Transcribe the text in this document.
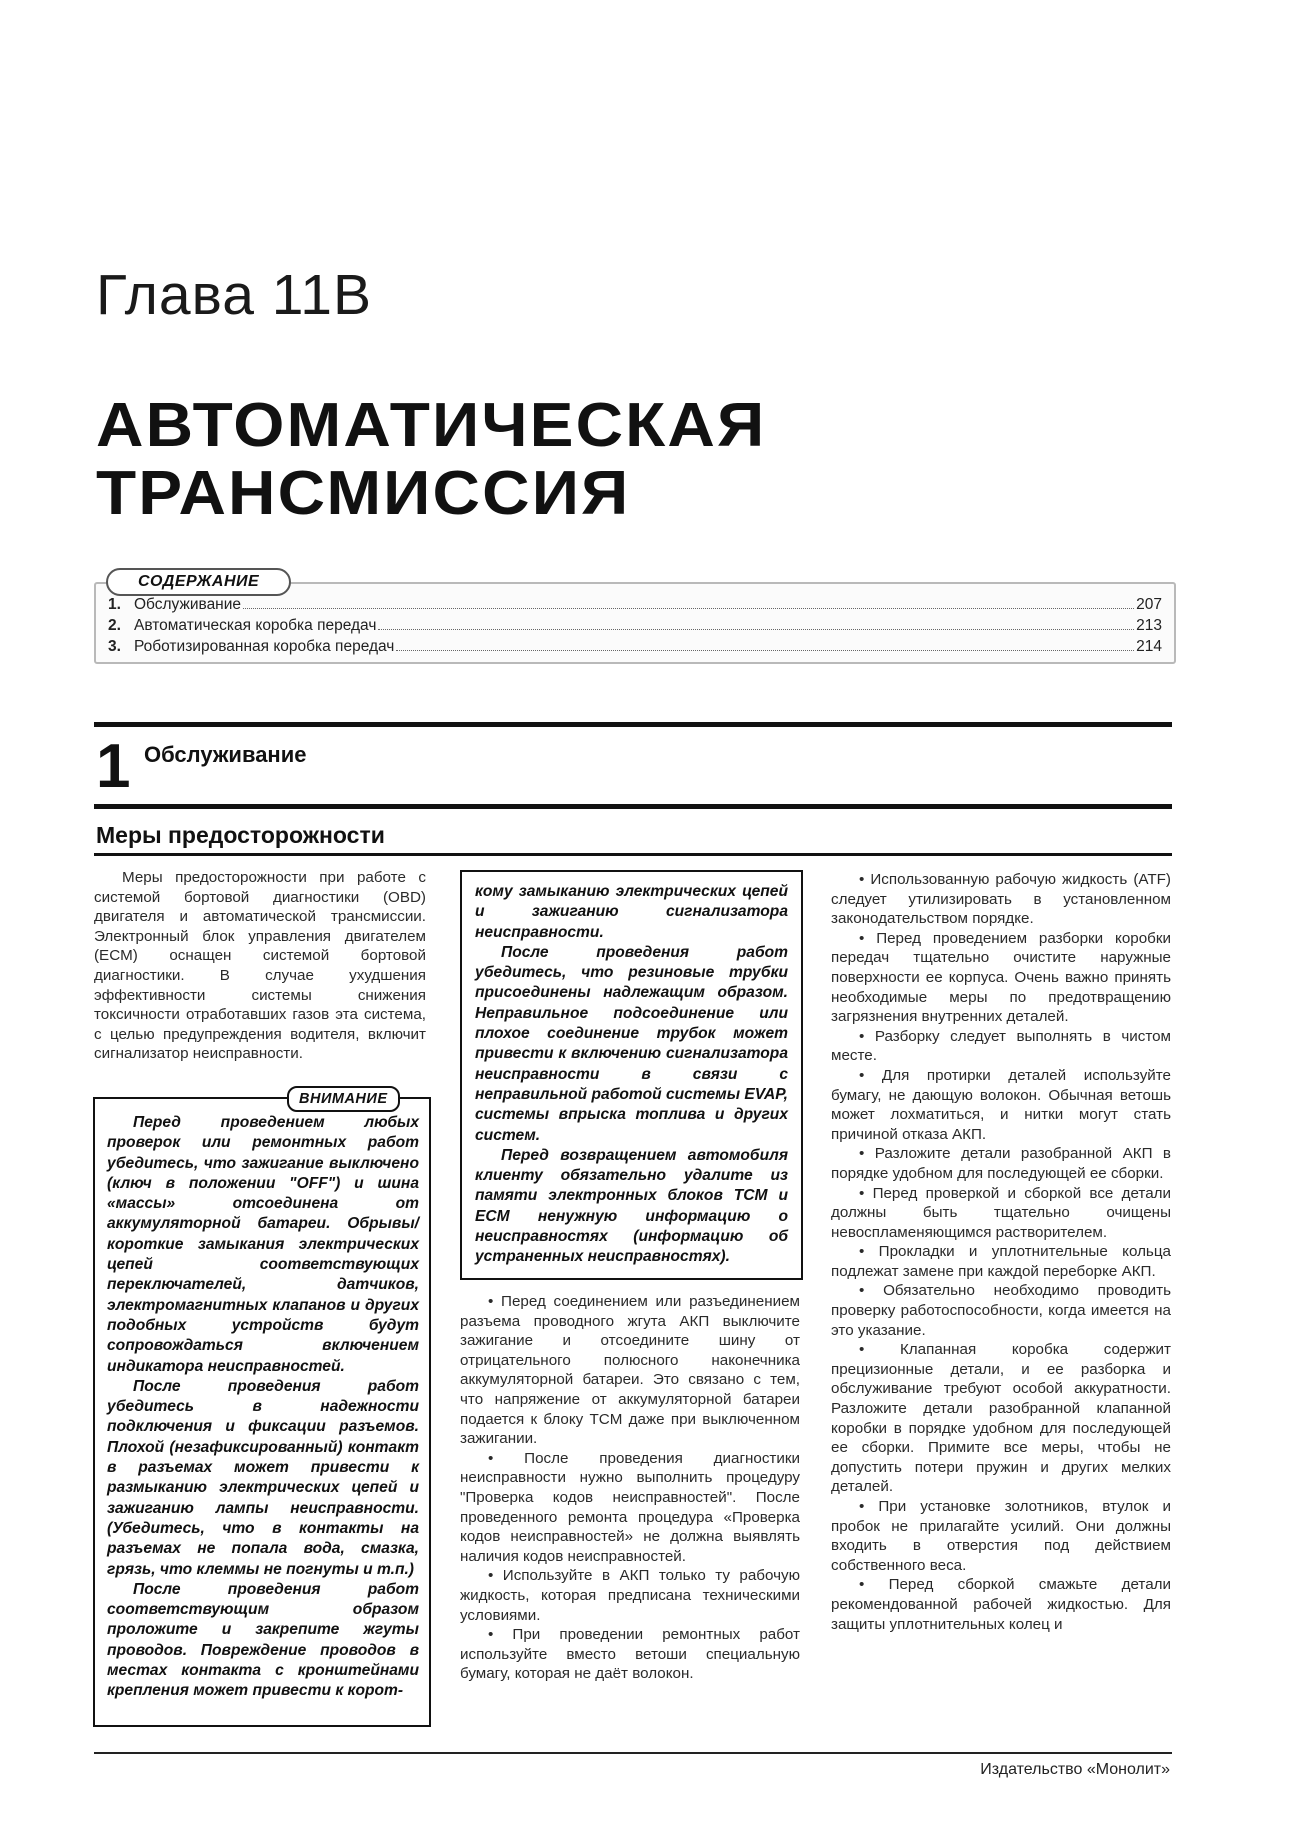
Глава 11В
АВТОМАТИЧЕСКАЯ
ТРАНСМИССИЯ
СОДЕРЖАНИЕ
1. Обслуживание	207
2. Автоматическая коробка передач	213
3. Роботизированная коробка передач	214
1 Обслуживание
Меры предосторожности

Меры предосторожности при работе с системой бортовой диагностики (OBD) двигателя и автоматической трансмиссии. Электронный блок управления двигателем (ECM) оснащен системой бортовой диагностики. В случае ухудшения эффективности системы снижения токсичности отработавших газов эта система, с целью предупреждения водителя, включит сигнализатор неисправности.

ВНИМАНИЕ

Перед проведением любых проверок или ремонтных работ убедитесь, что зажигание выключено (ключ в положении "OFF") и шина «массы» отсоединена от аккумуляторной батареи. Обрывы/короткие замыкания электрических цепей соответствующих переключателей, датчиков, электромагнитных клапанов и других подобных устройств будут сопровождаться включением индикатора неисправностей.

После проведения работ убедитесь в надежности подключения и фиксации разъемов. Плохой (незафиксированный) контакт в разъемах может привести к размыканию электрических цепей и зажиганию лампы неисправности. (Убедитесь, что в контакты на разъемах не попала вода, смазка, грязь, что клеммы не погнуты и т.п.)

После проведения работ соответствующим образом проложите и закрепите жгуты проводов. Повреждение проводов в местах контакта с кронштейнами крепления может привести к корот-

кому замыканию электрических цепей и зажиганию сигнализатора неисправности.

После проведения работ убедитесь, что резиновые трубки присоединены надлежащим образом. Неправильное подсоединение или плохое соединение трубок может привести к включению сигнализатора неисправности в связи с неправильной работой системы EVAP, системы впрыска топлива и других систем.

Перед возвращением автомобиля клиенту обязательно удалите из памяти электронных блоков TCM и ECM ненужную информацию о неисправностях (информацию об устраненных неисправностях).

• Перед соединением или разъединением разъема проводного жгута АКП выключите зажигание и отсоедините шину от отрицательного полюсного наконечника аккумуляторной батареи. Это связано с тем, что напряжение от аккумуляторной батареи подается к блоку TCM даже при выключенном зажигании.

• После проведения диагностики неисправности нужно выполнить процедуру "Проверка кодов неисправностей". После проведенного ремонта процедура «Проверка кодов неисправностей» не должна выявлять наличия кодов неисправностей.

• Используйте в АКП только ту рабочую жидкость, которая предписана техническими условиями.

• При проведении ремонтных работ используйте вместо ветоши специальную бумагу, которая не даёт волокон.

• Использованную рабочую жидкость (ATF) следует утилизировать в установленном законодательством порядке.

• Перед проведением разборки коробки передач тщательно очистите наружные поверхности ее корпуса. Очень важно принять необходимые меры по предотвращению загрязнения внутренних деталей.

• Разборку следует выполнять в чистом месте.

• Для протирки деталей используйте бумагу, не дающую волокон. Обычная ветошь может лохматиться, и нитки могут стать причиной отказа АКП.

• Разложите детали разобранной АКП в порядке удобном для последующей ее сборки.

• Перед проверкой и сборкой все детали должны быть тщательно очищены невоспламеняющимся растворителем.

• Прокладки и уплотнительные кольца подлежат замене при каждой переборке АКП.

• Обязательно необходимо проводить проверку работоспособности, когда имеется на это указание.

• Клапанная коробка содержит прецизионные детали, и ее разборка и обслуживание требуют особой аккуратности. Разложите детали разобранной клапанной коробки в порядке удобном для последующей ее сборки. Примите все меры, чтобы не допустить потери пружин и других мелких деталей.

• При установке золотников, втулок и пробок не прилагайте усилий. Они должны входить в отверстия под действием собственного веса.

• Перед сборкой смажьте детали рекомендованной рабочей жидкостью. Для защиты уплотнительных колец и

Издательство «Монолит»
